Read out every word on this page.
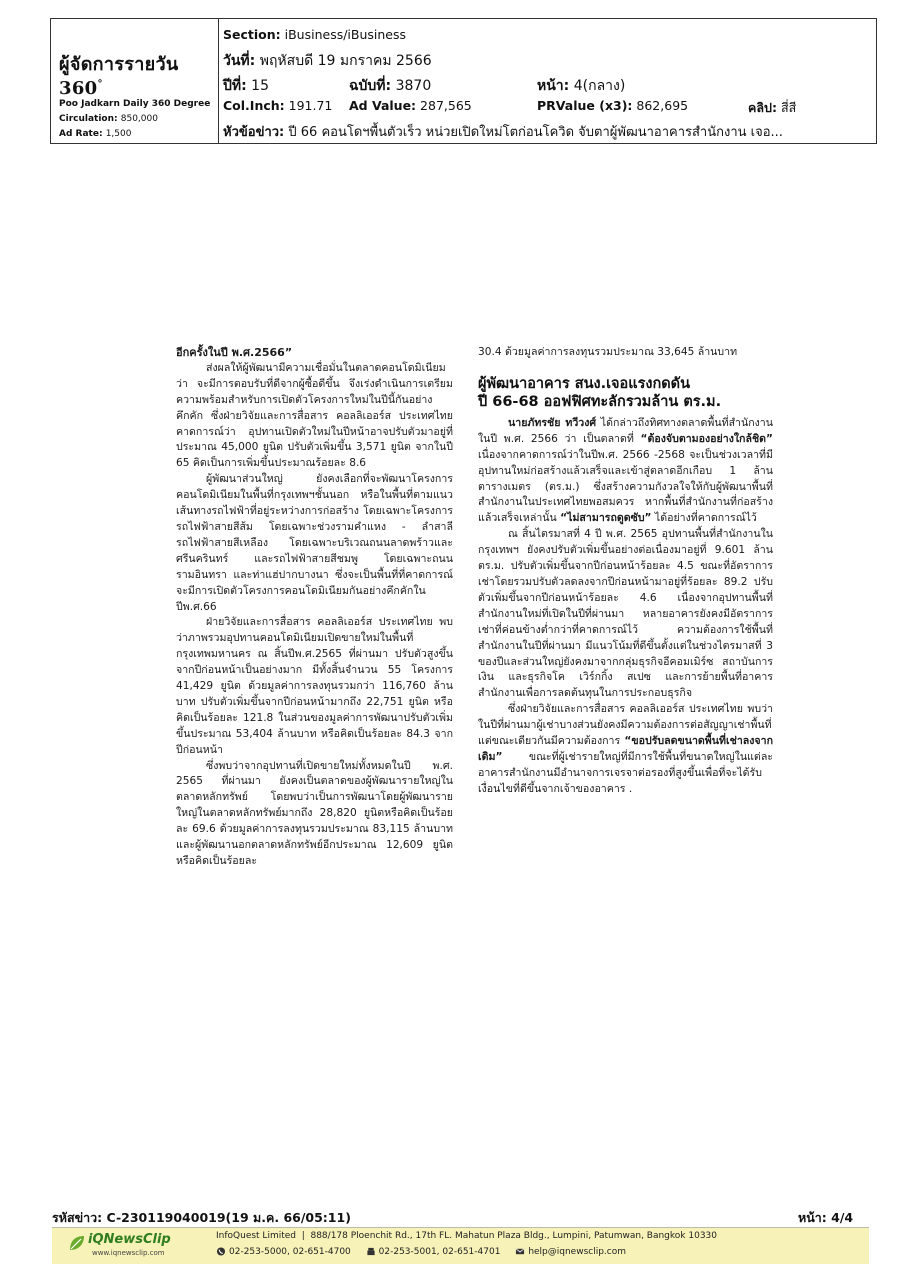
ผู้จัดการรายวัน 360°
Poo Jadkarn Daily 360 Degree
Circulation: 850,000
Ad Rate: 1,500
Section: iBusiness/iBusiness
วันที่: พฤหัสบดี 19 มกราคม 2566
ปีที่: 15	ฉบับที่: 3870	หน้า: 4(กลาง)
Col.Inch: 191.71 Ad Value: 287,565	PRValue (x3): 862,695	คลิป: สี่สี
หัวข้อข่าว: ปี 66 คอนโดฯพื้นตัวเร็ว หน่วยเปิดใหม่โตก่อนโควิด จับตาผู้พัฒนาอาคารสำนักงาน เจอ...

อีกครั้งในปี พ.ศ.2566”

ส่งผลให้ผู้พัฒนามีความเชื่อมั่นในตลาดคอนโดมิเนียมว่า จะมีการตอบรับที่ดีจากผู้ซื้อดีขึ้น จึงเร่งดำเนินการเตรียมความพร้อมสำหรับการเปิดตัวโครงการใหม่ในปีนี้กันอย่างคึกคัก ซึ่งฝ่ายวิจัยและการสื่อสาร คอลลิเออร์ส ประเทศไทย คาดการณ์ว่า อุปทานเปิดตัวใหม่ในปีหน้าอาจปรับตัวมาอยู่ที่ประมาณ 45,000 ยูนิต ปรับตัวเพิ่มขึ้น 3,571 ยูนิต จากในปี 65 คิดเป็นการเพิ่มขึ้นประมาณร้อยละ 8.6

ผู้พัฒนาส่วนใหญ่ ยังคงเลือกที่จะพัฒนาโครงการคอนโดมิเนียมในพื้นที่กรุงเทพฯชั้นนอก หรือในพื้นที่ตามแนวเส้นทางรถไฟฟ้าที่อยู่ระหว่างการก่อสร้าง โดยเฉพาะโครงการรถไฟฟ้าสายสีส้ม โดยเฉพาะช่วงรามคำแหง - ลำสาลี รถไฟฟ้าสายสีเหลือง โดยเฉพาะบริเวณถนนลาดพร้าวและศรีนครินทร์ และรถไฟฟ้าสายสีชมพู โดยเฉพาะถนนรามอินทรา และท่าแฮ่ปากบางนา ซึ่งจะเป็นพื้นที่ที่คาดการณ์จะมีการเปิดตัวโครงการคอนโดมิเนียมกันอย่างคึกคักในปีพ.ศ.66

ฝ่ายวิจัยและการสื่อสาร คอลลิเออร์ส ประเทศไทย พบว่าภาพรวมอุปทานคอนโดมิเนียมเปิดขายใหม่ในพื้นที่กรุงเทพมหานคร ณ สิ้นปีพ.ศ.2565 ที่ผ่านมา ปรับตัวสูงขึ้นจากปีก่อนหน้าเป็นอย่างมาก มีทั้งสิ้นจำนวน 55 โครงการ 41,429 ยูนิต ด้วยมูลค่าการลงทุนรวมกว่า 116,760 ล้านบาท ปรับตัวเพิ่มขึ้นจากปีก่อนหน้ามากถึง 22,751 ยูนิต หรือคิดเป็นร้อยละ 121.8 ในส่วนของมูลค่าการพัฒนาปรับตัวเพิ่มขึ้นประมาณ 53,404 ล้านบาท หรือคิดเป็นร้อยละ 84.3 จากปีก่อนหน้า

ซึ่งพบว่าจากอุปทานที่เปิดขายใหม่ทั้งหมดในปี พ.ศ. 2565 ที่ผ่านมา ยังคงเป็นตลาดของผู้พัฒนารายใหญ่ในตลาดหลักทรัพย์ โดยพบว่าเป็นการพัฒนาโดยผู้พัฒนารายใหญ่ในตลาดหลักทรัพย์มากถึง 28,820 ยูนิตหรือคิดเป็นร้อยละ 69.6 ด้วยมูลค่าการลงทุนรวมประมาณ 83,115 ล้านบาท และผู้พัฒนานอกตลาดหลักทรัพย์อีกประมาณ 12,609 ยูนิต หรือคิดเป็นร้อยละ

30.4 ด้วยมูลค่าการลงทุนรวมประมาณ 33,645 ล้านบาท

ผู้พัฒนาอาคาร สนง.เจอแรงกดดัน

ปี 66-68 ออฟฟิศทะลักรวมล้าน ตร.ม.

นายภัทรชัย ทวีวงศ์ ได้กล่าวถึงทิศทางตลาดพื้นที่สำนักงานในปี พ.ศ. 2566 ว่า เป็นตลาดที่ “ต้องจับตามองอย่างใกล้ชิด” เนื่องจากคาดการณ์ว่าในปีพ.ศ. 2566 -2568 จะเป็นช่วงเวลาที่มีอุปทานใหม่ก่อสร้างแล้วเสร็จและเข้าสู่ตลาดอีกเกือบ 1 ล้านตารางเมตร (ตร.ม.) ซึ่งสร้างความกังวลใจให้กับผู้พัฒนาพื้นที่สำนักงานในประเทศไทยพอสมควร หากพื้นที่สำนักงานที่ก่อสร้างแล้วเสร็จเหล่านั้น “ไม่สามารถดูดซับ” ได้อย่างที่คาดการณ์ไว้

ณ สิ้นไตรมาสที่ 4 ปี พ.ศ. 2565 อุปทานพื้นที่สำนักงานในกรุงเทพฯ ยังคงปรับตัวเพิ่มขึ้นอย่างต่อเนื่องมาอยู่ที่ 9.601 ล้าน ตร.ม. ปรับตัวเพิ่มขึ้นจากปีก่อนหน้าร้อยละ 4.5 ขณะที่อัตราการเช่าโดยรวมปรับตัวลดลงจากปีก่อนหน้ามาอยู่ที่ร้อยละ 89.2 ปรับตัวเพิ่มขึ้นจากปีก่อนหน้าร้อยละ 4.6 เนื่องจากอุปทานพื้นที่สำนักงานใหม่ที่เปิดในปีที่ผ่านมา หลายอาคารยังคงมีอัตราการเช่าที่ค่อนข้างต่ำกว่าที่คาดการณ์ไว้ ความต้องการใช้พื้นที่สำนักงานในปีที่ผ่านมา มีแนวโน้มที่ดีขึ้นตั้งแต่ในช่วงไตรมาสที่ 3 ของปีและส่วนใหญ่ยังคงมาจากกลุ่มธุรกิจอีคอมเมิร์ซ สถาบันการเงิน และธุรกิจโค เวิร์กกิ้ง สเปซ และการย้ายพื้นที่อาคารสำนักงานเพื่อการลดต้นทุนในการประกอบธุรกิจ

ซึ่งฝ่ายวิจัยและการสื่อสาร คอลลิเออร์ส ประเทศไทย พบว่าในปีที่ผ่านมาผู้เช่าบางส่วนยังคงมีความต้องการต่อสัญญาเช่าพื้นที่ แต่ขณะเดียวกันมีความต้องการ “ขอปรับลดขนาดพื้นที่เช่าลงจากเดิม” ขณะที่ผู้เช่ารายใหญ่ที่มีการใช้พื้นที่ขนาดใหญ่ในแต่ละอาคารสำนักงานมีอำนาจการเจรจาต่อรองที่สูงขึ้นเพื่อที่จะได้รับเงื่อนไขที่ดีขึ้นจากเจ้าของอาคาร .

รหัสข่าว: C-230119040019(19 ม.ค. 66/05:11)	หน้า: 4/4
iQNewsClip
www.iqnewsclip.com
InfoQuest Limited  |  888/178 Ploenchit Rd., 17th FL. Mahatun Plaza Bldg., Lumpini, Patumwan, Bangkok 10330
02-253-5000, 02-651-4700	02-253-5001, 02-651-4701	help@iqnewsclip.com
